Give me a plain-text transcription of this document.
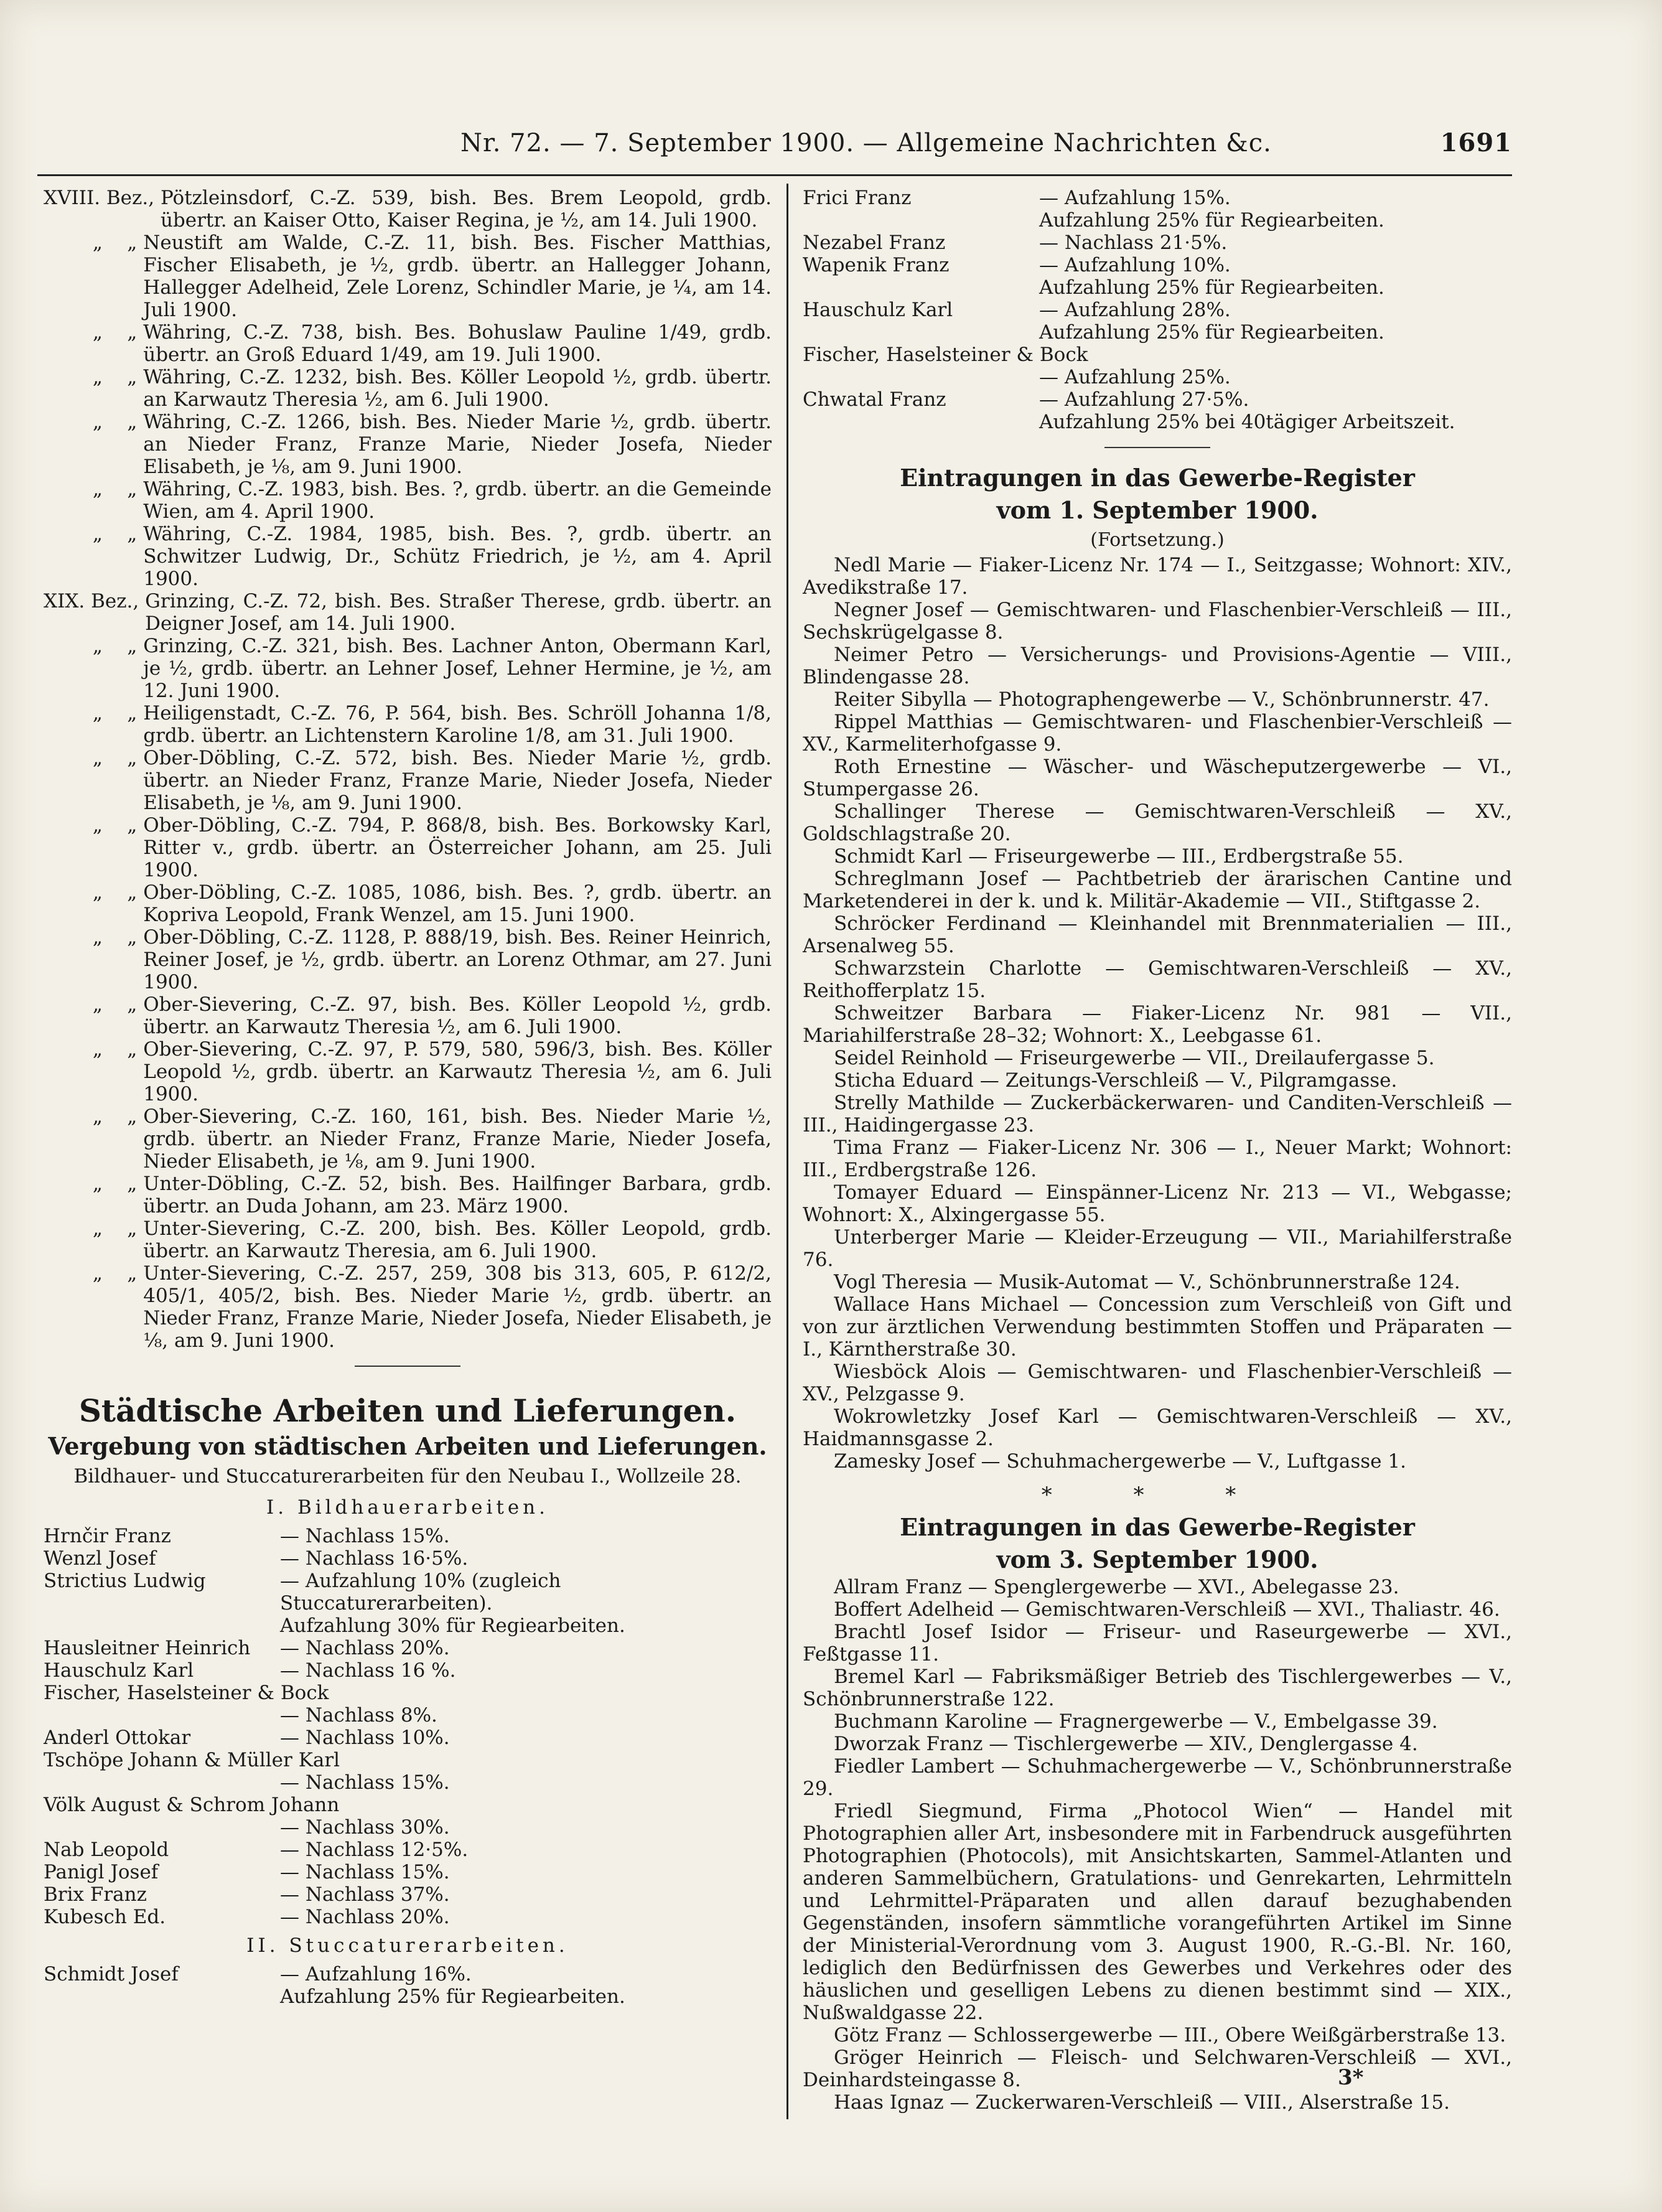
Nr. 72. — 7. September 1900. — Allgemeine Nachrichten &c.	1691
XVIII. Bez., Pötzleinsdorf, C.-Z. 539, bish. Bes. Brem Leopold, grdb. übertr. an Kaiser Otto, Kaiser Regina, je ½, am 14. Juli 1900.
„    „ Neustift am Walde, C.-Z. 11, bish. Bes. Fischer Matthias, Fischer Elisabeth, je ½, grdb. übertr. an Hallegger Johann, Hallegger Adelheid, Zele Lorenz, Schindler Marie, je ¼, am 14. Juli 1900.
„    „ Währing, C.-Z. 738, bish. Bes. Bohuslaw Pauline 1/49, grdb. übertr. an Groß Eduard 1/49, am 19. Juli 1900.
„    „ Währing, C.-Z. 1232, bish. Bes. Köller Leopold ½, grdb. übertr. an Karwautz Theresia ½, am 6. Juli 1900.
„    „ Währing, C.-Z. 1266, bish. Bes. Nieder Marie ½, grdb. übertr. an Nieder Franz, Franze Marie, Nieder Josefa, Nieder Elisabeth, je ⅛, am 9. Juni 1900.
„    „ Währing, C.-Z. 1983, bish. Bes. ?, grdb. übertr. an die Gemeinde Wien, am 4. April 1900.
„    „ Währing, C.-Z. 1984, 1985, bish. Bes. ?, grdb. übertr. an Schwitzer Ludwig, Dr., Schütz Friedrich, je ½, am 4. April 1900.
XIX. Bez., Grinzing, C.-Z. 72, bish. Bes. Straßer Therese, grdb. übertr. an Deigner Josef, am 14. Juli 1900.
„    „ Grinzing, C.-Z. 321, bish. Bes. Lachner Anton, Obermann Karl, je ½, grdb. übertr. an Lehner Josef, Lehner Hermine, je ½, am 12. Juni 1900.
„    „ Heiligenstadt, C.-Z. 76, P. 564, bish. Bes. Schröll Johanna 1/8, grdb. übertr. an Lichtenstern Karoline 1/8, am 31. Juli 1900.
„    „ Ober-Döbling, C.-Z. 572, bish. Bes. Nieder Marie ½, grdb. übertr. an Nieder Franz, Franze Marie, Nieder Josefa, Nieder Elisabeth, je ⅛, am 9. Juni 1900.
„    „ Ober-Döbling, C.-Z. 794, P. 868/8, bish. Bes. Borkowsky Karl, Ritter v., grdb. übertr. an Österreicher Johann, am 25. Juli 1900.
„    „ Ober-Döbling, C.-Z. 1085, 1086, bish. Bes. ?, grdb. übertr. an Kopriva Leopold, Frank Wenzel, am 15. Juni 1900.
„    „ Ober-Döbling, C.-Z. 1128, P. 888/19, bish. Bes. Reiner Heinrich, Reiner Josef, je ½, grdb. übertr. an Lorenz Othmar, am 27. Juni 1900.
„    „ Ober-Sievering, C.-Z. 97, bish. Bes. Köller Leopold ½, grdb. übertr. an Karwautz Theresia ½, am 6. Juli 1900.
„    „ Ober-Sievering, C.-Z. 97, P. 579, 580, 596/3, bish. Bes. Köller Leopold ½, grdb. übertr. an Karwautz Theresia ½, am 6. Juli 1900.
„    „ Ober-Sievering, C.-Z. 160, 161, bish. Bes. Nieder Marie ½, grdb. übertr. an Nieder Franz, Franze Marie, Nieder Josefa, Nieder Elisabeth, je ⅛, am 9. Juni 1900.
„    „ Unter-Döbling, C.-Z. 52, bish. Bes. Hailfinger Barbara, grdb. übertr. an Duda Johann, am 23. März 1900.
„    „ Unter-Sievering, C.-Z. 200, bish. Bes. Köller Leopold, grdb. übertr. an Karwautz Theresia, am 6. Juli 1900.
„    „ Unter-Sievering, C.-Z. 257, 259, 308 bis 313, 605, P. 612/2, 405/1, 405/2, bish. Bes. Nieder Marie ½, grdb. übertr. an Nieder Franz, Franze Marie, Nieder Josefa, Nieder Elisabeth, je ⅛, am 9. Juni 1900.
Städtische Arbeiten und Lieferungen.
Vergebung von städtischen Arbeiten und Lieferungen.
Bildhauer- und Stuccaturerarbeiten für den Neubau I., Wollzeile 28.
I. Bildhauerarbeiten.
Hrnčir Franz	— Nachlass 15%.
Wenzl Josef	— Nachlass 16·5%.
Strictius Ludwig	— Aufzahlung 10% (zugleich Stuccaturerarbeiten).
Aufzahlung 30% für Regiearbeiten.
Hausleitner Heinrich	— Nachlass 20%.
Hauschulz Karl	— Nachlass 16 %.
Fischer, Haselsteiner & Bock
— Nachlass 8%.
Anderl Ottokar	— Nachlass 10%.
Tschöpe Johann & Müller Karl
— Nachlass 15%.
Völk August & Schrom Johann
— Nachlass 30%.
Nab Leopold	— Nachlass 12·5%.
Panigl Josef	— Nachlass 15%.
Brix Franz	— Nachlass 37%.
Kubesch Ed.	— Nachlass 20%.
II. Stuccaturerarbeiten.
Schmidt Josef	— Aufzahlung 16%.
Aufzahlung 25% für Regiearbeiten.
Frici Franz	— Aufzahlung 15%.
Aufzahlung 25% für Regiearbeiten.
Nezabel Franz	— Nachlass 21·5%.
Wapenik Franz	— Aufzahlung 10%.
Aufzahlung 25% für Regiearbeiten.
Hauschulz Karl	— Aufzahlung 28%.
Aufzahlung 25% für Regiearbeiten.
Fischer, Haselsteiner & Bock
— Aufzahlung 25%.
Chwatal Franz	— Aufzahlung 27·5%.
Aufzahlung 25% bei 40tägiger Arbeitszeit.
Eintragungen in das Gewerbe-Register
vom 1. September 1900.
(Fortsetzung.)
Nedl Marie — Fiaker-Licenz Nr. 174 — I., Seitzgasse; Wohnort: XIV., Avedikstraße 17.
Negner Josef — Gemischtwaren- und Flaschenbier-Verschleiß — III., Sechskrügelgasse 8.
Neimer Petro — Versicherungs- und Provisions-Agentie — VIII., Blindengasse 28.
Reiter Sibylla — Photographengewerbe — V., Schönbrunnerstr. 47.
Rippel Matthias — Gemischtwaren- und Flaschenbier-Verschleiß — XV., Karmeliterhofgasse 9.
Roth Ernestine — Wäscher- und Wäscheputzergewerbe — VI., Stumpergasse 26.
Schallinger Therese — Gemischtwaren-Verschleiß — XV., Goldschlagstraße 20.
Schmidt Karl — Friseurgewerbe — III., Erdbergstraße 55.
Schreglmann Josef — Pachtbetrieb der ärarischen Cantine und Marketenderei in der k. und k. Militär-Akademie — VII., Stiftgasse 2.
Schröcker Ferdinand — Kleinhandel mit Brennmaterialien — III., Arsenalweg 55.
Schwarzstein Charlotte — Gemischtwaren-Verschleiß — XV., Reithofferplatz 15.
Schweitzer Barbara — Fiaker-Licenz Nr. 981 — VII., Mariahilferstraße 28–32; Wohnort: X., Leebgasse 61.
Seidel Reinhold — Friseurgewerbe — VII., Dreilaufergasse 5.
Sticha Eduard — Zeitungs-Verschleiß — V., Pilgramgasse.
Strelly Mathilde — Zuckerbäckerwaren- und Canditen-Verschleiß — III., Haidingergasse 23.
Tima Franz — Fiaker-Licenz Nr. 306 — I., Neuer Markt; Wohnort: III., Erdbergstraße 126.
Tomayer Eduard — Einspänner-Licenz Nr. 213 — VI., Webgasse; Wohnort: X., Alxingergasse 55.
Unterberger Marie — Kleider-Erzeugung — VII., Mariahilferstraße 76.
Vogl Theresia — Musik-Automat — V., Schönbrunnerstraße 124.
Wallace Hans Michael — Concession zum Verschleiß von Gift und von zur ärztlichen Verwendung bestimmten Stoffen und Präparaten — I., Kärntherstraße 30.
Wiesböck Alois — Gemischtwaren- und Flaschenbier-Verschleiß — XV., Pelzgasse 9.
Wokrowletzky Josef Karl — Gemischtwaren-Verschleiß — XV., Haidmannsgasse 2.
Zamesky Josef — Schuhmachergewerbe — V., Luftgasse 1.
* * *
Eintragungen in das Gewerbe-Register
vom 3. September 1900.
Allram Franz — Spenglergewerbe — XVI., Abelegasse 23.
Boffert Adelheid — Gemischtwaren-Verschleiß — XVI., Thaliastr. 46.
Brachtl Josef Isidor — Friseur- und Raseurgewerbe — XVI., Feßtgasse 11.
Bremel Karl — Fabriksmäßiger Betrieb des Tischlergewerbes — V., Schönbrunnerstraße 122.
Buchmann Karoline — Fragnergewerbe — V., Embelgasse 39.
Dworzak Franz — Tischlergewerbe — XIV., Denglergasse 4.
Fiedler Lambert — Schuhmachergewerbe — V., Schönbrunnerstraße 29.
Friedl Siegmund, Firma „Photocol Wien“ — Handel mit Photographien aller Art, insbesondere mit in Farbendruck ausgeführten Photographien (Photocols), mit Ansichtskarten, Sammel-Atlanten und anderen Sammelbüchern, Gratulations- und Genrekarten, Lehrmitteln und Lehrmittel-Präparaten und allen darauf bezughabenden Gegenständen, insofern sämmtliche vorangeführten Artikel im Sinne der Ministerial-Verordnung vom 3. August 1900, R.-G.-Bl. Nr. 160, lediglich den Bedürfnissen des Gewerbes und Verkehres oder des häuslichen und geselligen Lebens zu dienen bestimmt sind — XIX., Nußwaldgasse 22.
Götz Franz — Schlossergewerbe — III., Obere Weißgärberstraße 13.
Gröger Heinrich — Fleisch- und Selchwaren-Verschleiß — XVI., Deinhardsteingasse 8.
Haas Ignaz — Zuckerwaren-Verschleiß — VIII., Alserstraße 15.
3*
